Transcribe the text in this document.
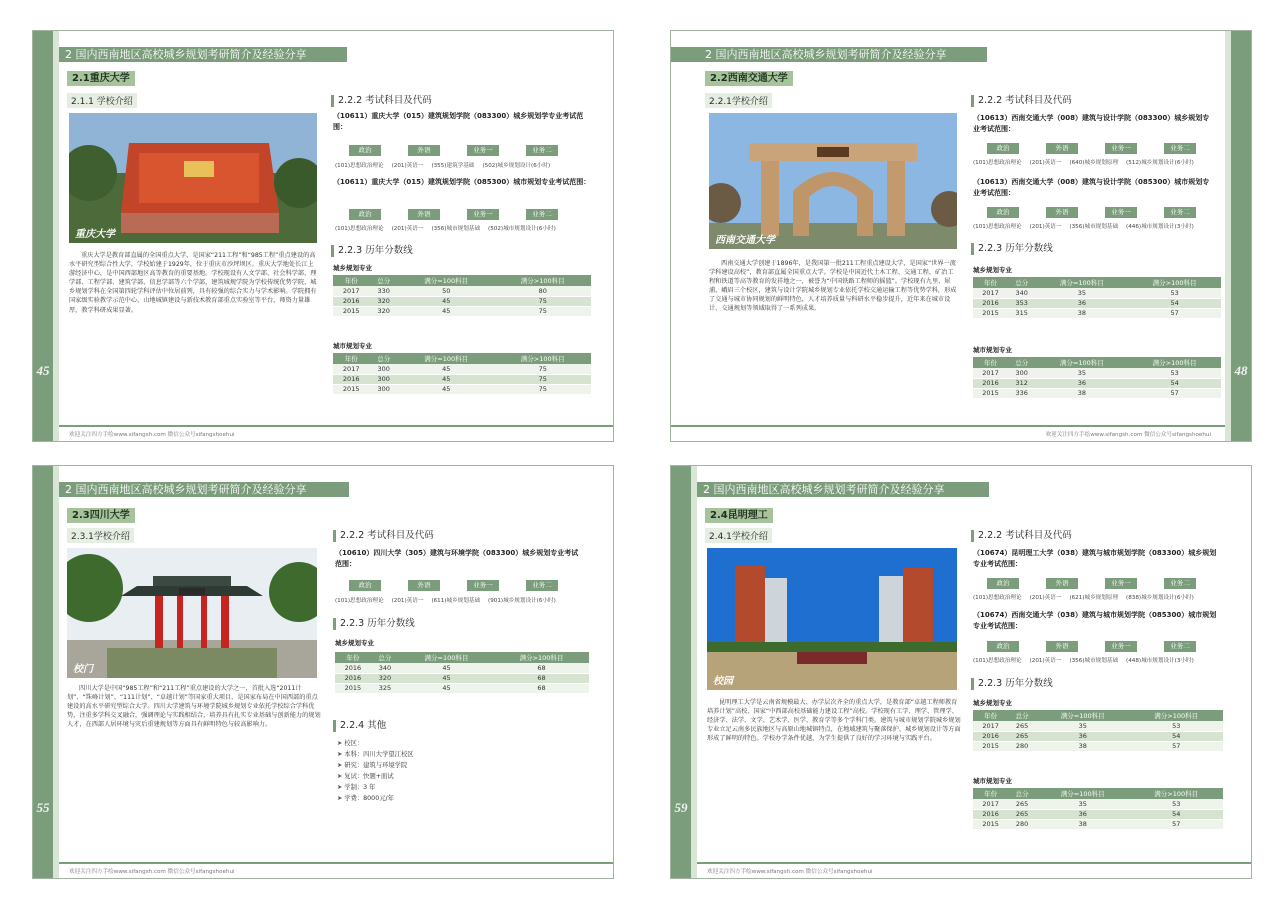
45
2 国内西南地区高校城乡规划考研简介及经验分享
2.1重庆大学
2.1.1 学校介绍
重庆大学
重庆大学是教育部直属的全国重点大学，是国家“211工程”和“985工程”重点建设的高水平研究型综合性大学，学校始建于1929年，位于重庆市沙坪坝区。重庆大学地处长江上游经济中心，是中国西部地区高等教育的重要基地。学校现设有人文学部、社会科学部、理学部、工程学部、建筑学部、信息学部等六个学部，建筑城规学院为学校传统优势学院，城乡规划学科在全国第四轮学科评估中位居前列，具有较强的综合实力与学术影响。学院拥有国家级实验教学示范中心、山地城镇建设与新技术教育部重点实验室等平台，师资力量雄厚，教学科研成果显著。
2.2.2 考试科目及代码
（10611）重庆大学（015）建筑规划学院（083300）城乡规划学专业考试范围：
政治	外语	业务一	业务二
(101)思想政治理论 (201)英语一 (355)建筑学基础 (502)城乡规划设计(6小时)
（10611）重庆大学（015）建筑规划学院（085300）城市规划专业考试范围：
政治	外语	业务一	业务二
(101)思想政治理论 (201)英语一 (356)城市规划基础 (502)城市规划设计(6小时)
2.2.3 历年分数线
城乡规划专业
年份	总分	满分=100科目	满分>100科目
2017	330	50	80
2016	320	45	75
2015	320	45	75
城市规划专业
年份	总分	满分=100科目	满分>100科目
2017	300	45	75
2016	300	45	75
2015	300	45	75
欢迎关注四方手绘www.sifangsh.com 微信公众号sifangshoehui
48
2 国内西南地区高校城乡规划考研简介及经验分享
2.2西南交通大学
2.2.1学校介绍
西南交通大学
西南交通大学创建于1896年，是我国第一批211工程重点建设大学，是国家“世界一流学科建设高校”，教育部直属全国重点大学。学校是中国近代土木工程、交通工程、矿冶工程和铁道等高等教育的发祥地之一，被誉为“中国铁路工程师的摇篮”。学校现有九里、犀浦、峨眉三个校区，建筑与设计学院城乡规划专业依托学校交通运输工程等优势学科，形成了交通与城市协同规划的鲜明特色，人才培养质量与科研水平稳步提升，近年来在城市设计、交通规划等领域取得了一系列成果。
2.2.2 考试科目及代码
（10613）西南交通大学（008）建筑与设计学院（083300）城乡规划专业考试范围：
政治	外语	业务一	业务二
(101)思想政治理论 (201)英语一 (640)城乡规划原理 (512)城乡规划设计(6小时)
（10613）西南交通大学（008）建筑与设计学院（085300）城市规划专业考试范围：
政治	外语	业务一	业务二
(101)思想政治理论 (201)英语一 (356)城市规划基础 (446)城市规划设计(3小时)
2.2.3 历年分数线
城乡规划专业
年份	总分	满分=100科目	满分>100科目
2017	340	35	53
2016	353	36	54
2015	315	38	57
城市规划专业
年份	总分	满分=100科目	满分>100科目
2017	300	35	53
2016	312	36	54
2015	336	38	57
欢迎关注四方手绘www.sifangsh.com 微信公众号sifangshoehui
55
2 国内西南地区高校城乡规划考研简介及经验分享
2.3四川大学
2.3.1学校介绍
校门
四川大学是中国“985工程”和“211工程”重点建设的大学之一，首批入选“2011计划”、“珠峰计划”、“111计划”、“卓越计划”等国家重大项目，是国家布局在中国西部的重点建设的高水平研究型综合大学。四川大学建筑与环境学院城乡规划专业依托学校综合学科优势，注重多学科交叉融合，强调理论与实践相结合，培养具有扎实专业基础与创新能力的规划人才，在西部人居环境与灾后重建规划等方面具有鲜明特色与较高影响力。
2.2.2 考试科目及代码
（10610）四川大学（305）建筑与环境学院（083300）城乡规划专业考试范围：
政治	外语	业务一	业务二
(101)思想政治理论 (201)英语一 (611)城乡规划基础 (901)城乡规划设计(6小时)
2.2.3 历年分数线
城乡规划专业
年份	总分	满分=100科目	满分>100科目
2016	340	45	68
2016	320	45	68
2015	325	45	68
2.2.4 其他
➤ 校区：
➤ 本科：四川大学望江校区
➤ 研究：建筑与环境学院
➤ 复试：快题+面试
➤ 学制：3 年
➤ 学费：8000元/年
欢迎关注四方手绘www.sifangsh.com 微信公众号sifangshoehui
59
2 国内西南地区高校城乡规划考研简介及经验分享
2.4昆明理工
2.4.1学校介绍
校园
昆明理工大学是云南省规模最大、办学层次齐全的重点大学，是教育部“卓越工程师教育培养计划”高校、国家“中西部高校基础能力建设工程”高校。学校现有工学、理学、管理学、经济学、法学、文学、艺术学、医学、教育学等多个学科门类。建筑与城市规划学院城乡规划专业立足云南多民族地区与高原山地城镇特点，在地域建筑与聚落保护、城乡规划设计等方面形成了鲜明的特色。学校办学条件优越，为学生提供了良好的学习环境与实践平台。
2.2.2 考试科目及代码
（10674）昆明理工大学（038）建筑与城市规划学院（083300）城乡规划专业考试范围：
政治	外语	业务一	业务二
(101)思想政治理论 (201)英语一 (621)城乡规划原理 (838)城乡规划设计(6小时)
（10674）西南交通大学（038）建筑与城市规划学院（085300）城市规划专业考试范围：
政治	外语	业务一	业务二
(101)思想政治理论 (201)英语一 (356)城市规划基础 (448)城市规划设计(3小时)
2.2.3 历年分数线
城乡规划专业
年份	总分	满分=100科目	满分>100科目
2017	265	35	53
2016	265	36	54
2015	280	38	57
城市规划专业
年份	总分	满分=100科目	满分>100科目
2017	265	35	53
2016	265	36	54
2015	280	38	57
欢迎关注四方手绘www.sifangsh.com 微信公众号sifangshoehui
